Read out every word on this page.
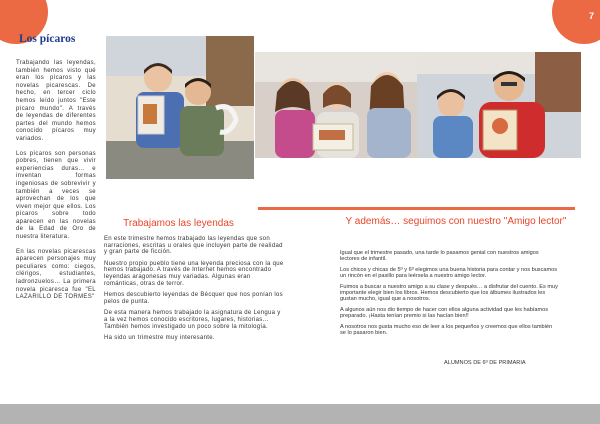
7
Los pícaros

Trabajando las leyendas, también hemos visto qué eran los pícaros y las novelas picarescas. De hecho, en tercer ciclo hemos leído juntos "Este pícaro mundo". A través de leyendas de diferentes partes del mundo hemos conocido pícaros muy variados.

Los pícaros son personas pobres, tienen que vivir experiencias duras… e inventan formas ingeniosas de sobrevivir y también a veces se aprovechan de los que viven mejor que ellos. Los pícaros sobre todo aparecen en las novelas de la Edad de Oro de nuestra literatura.

En las novelas picarescas aparecen personajes muy peculiares como: ciegos, clérigos, estudiantes, ladronzuelos… La primera novela picaresca fue "EL LAZARILLO DE TORMES"

Trabajamos las leyendas

En este trimestre hemos trabajado las leyendas que son narraciones, escritas u orales que incluyen parte de realidad y gran parte de ficción.

Nuestro propio pueblo tiene una leyenda preciosa con la que hemos trabajado. A través de Internet hemos encontrado leyendas aragonesas muy variadas. Algunas eran románticas, otras de terror.

Hemos descubierto leyendas de Bécquer que nos ponían los pelos de punta.

De esta manera hemos trabajado la asignatura de Lengua y a la vez hemos conocido escritores, lugares, historias… También hemos investigado un poco sobre la mitología.

Ha sido un trimestre muy interesante.

Y además… seguimos con nuestro "Amigo lector"

Igual que el trimestre pasado, una tarde lo pasamos genial con nuestros amigos lectores de infantil.

Los chicos y chicas de 5º y 6º elegimos una buena historia para contar y nos buscamos un rincón en el pasillo para leérsela a nuestro amigo lector.

Fuimos a buscar a nuestro amigo a su clase y después… a disfrutar del cuento. Es muy importante elegir bien los libros. Hemos descubierto que los álbumes ilustrados les gustan mucho, igual que a nosotros.

A algunos aún nos dio tiempo de hacer con ellos alguna actividad que les habíamos preparado. ¡Hasta tenían premio si las hacían bien!!

A nosotros nos gusta mucho eso de leer a los pequeños y creemos que ellos también se lo pasaron bien.

ALUMNOS DE 6º DE PRIMARIA
